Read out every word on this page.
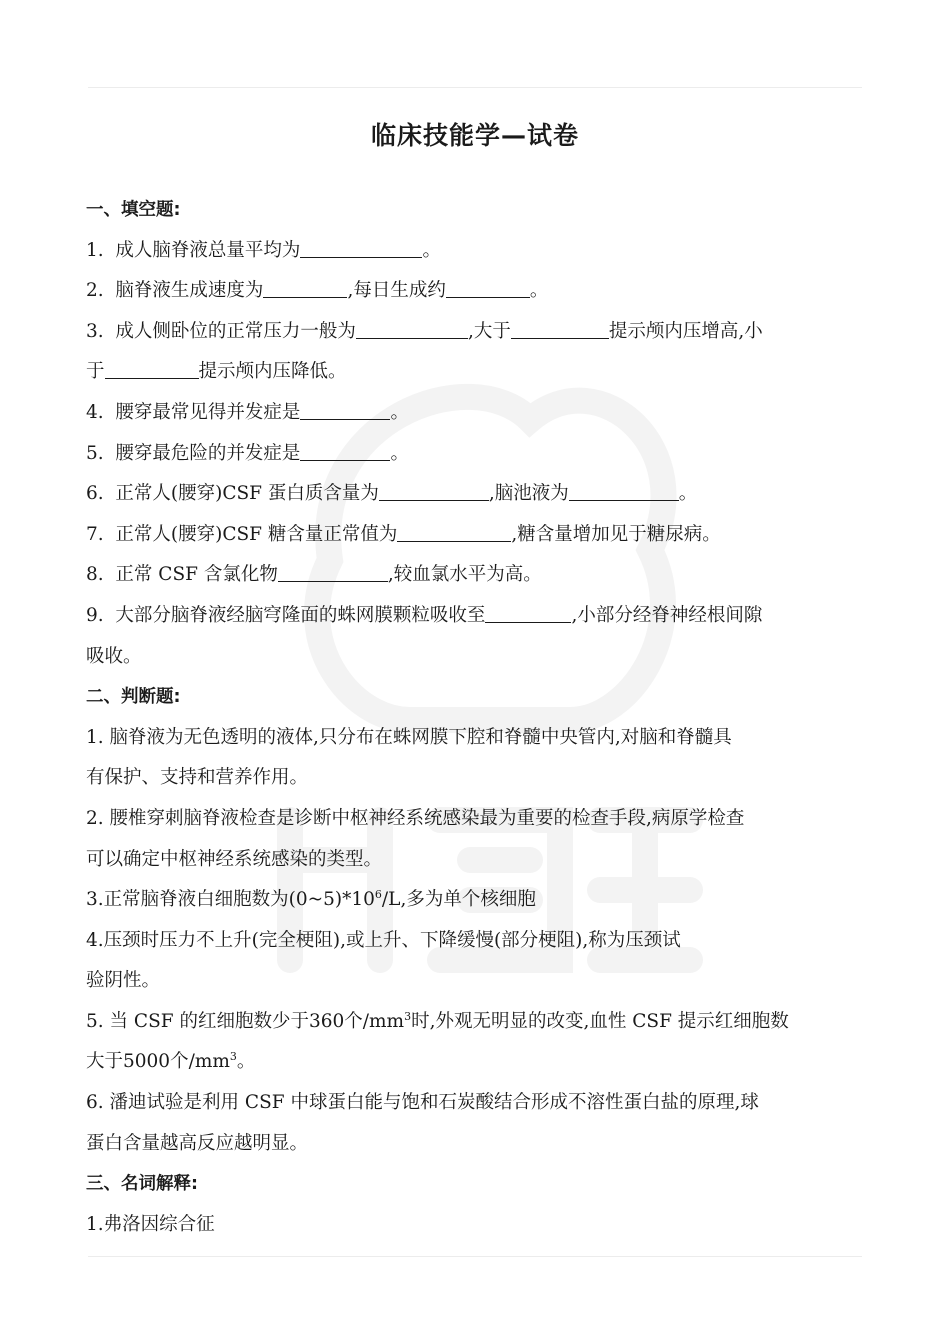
临床技能学—试卷
一、填空题:
1. 成人脑脊液总量平均为	。
2. 脑脊液生成速度为	,每日生成约	。
3. 成人侧卧位的正常压力一般为	,大于	提示颅内压增高,小
于	提示颅内压降低。
4. 腰穿最常见得并发症是	。
5. 腰穿最危险的并发症是	。
6. 正常人(腰穿)CSF 蛋白质含量为	,脑池液为	。
7. 正常人(腰穿)CSF 糖含量正常值为	,糖含量增加见于糖尿病。
8. 正常 CSF 含氯化物	,较血氯水平为高。
9. 大部分脑脊液经脑穹隆面的蛛网膜颗粒吸收至	,小部分经脊神经根间隙
吸收。
二、判断题:
1. 脑脊液为无色透明的液体,只分布在蛛网膜下腔和脊髓中央管内,对脑和脊髓具
有保护、支持和营养作用。
2. 腰椎穿刺脑脊液检查是诊断中枢神经系统感染最为重要的检查手段,病原学检查
可以确定中枢神经系统感染的类型。
3.正常脑脊液白细胞数为$(0\sim 5)*10^6/L$,多为单个核细胞
4.压颈时压力不上升(完全梗阻),或上升、下降缓慢(部分梗阻),称为压颈试
验阴性。
5. 当 CSF 的红细胞数少于360个$/mm^3$时,外观无明显的改变,血性 CSF 提示红细胞数
大于5000个$/mm^3$。
6. 潘迪试验是利用 CSF 中球蛋白能与饱和石炭酸结合形成不溶性蛋白盐的原理,球
蛋白含量越高反应越明显。
三、名词解释:
1.弗洛因综合征
